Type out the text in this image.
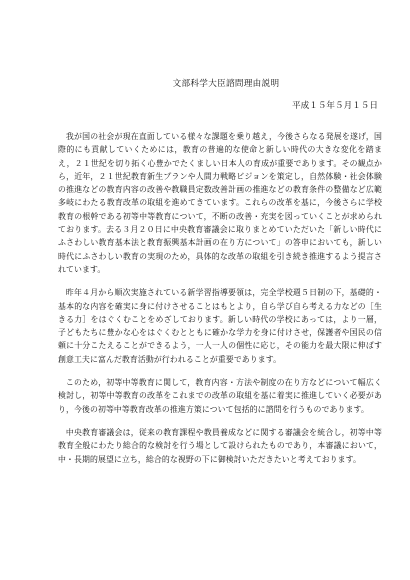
文部科学大臣諮問理由説明
平成１５年５月１５日

我が国の社会が現在直面している様々な課題を乗り越え，今後さらなる発展を遂げ，国際的にも貢献していくためには，教育の普遍的な使命と新しい時代の大きな変化を踏まえ，２１世紀を切り拓く心豊かでたくましい日本人の育成が重要であります。その観点から，近年，２１世紀教育新生プランや人間力戦略ビジョンを策定し，自然体験・社会体験の推進などの教育内容の改善や教職員定数改善計画の推進などの教育条件の整備など広範多岐にわたる教育改革の取組を進めてきています。これらの改革を基に，今後さらに学校教育の根幹である初等中等教育について，不断の改善・充実を図っていくことが求められております。去る３月２０日に中央教育審議会に取りまとめていただいた「新しい時代にふさわしい教育基本法と教育振興基本計画の在り方について」の答申においても，新しい時代にふさわしい教育の実現のため，具体的な改革の取組を引き続き推進するよう提言されています。

昨年４月から順次実施されている新学習指導要領は，完全学校週５日制の下，基礎的・基本的な内容を確実に身に付けさせることはもとより，自ら学び自ら考える力などの［生きる力］をはぐくむことをめざしております。新しい時代の学校にあっては，より一層，子どもたちに豊かな心をはぐくむとともに確かな学力を身に付けさせ，保護者や国民の信頼に十分こたえることができるよう，一人一人の個性に応じ，その能力を最大限に伸ばす創意工夫に富んだ教育活動が行われることが重要であります。

このため，初等中等教育に関して，教育内容・方法や制度の在り方などについて幅広く検討し，初等中等教育の改革をこれまでの改革の取組を基に着実に推進していく必要があり，今後の初等中等教育改革の推進方策について包括的に諮問を行うものであります。

中央教育審議会は，従来の教育課程や教員養成などに関する審議会を統合し，初等中等教育全般にわたり総合的な検討を行う場として設けられたものであり，本審議において，中・長期的展望に立ち，総合的な視野の下に御検討いただきたいと考えております。
